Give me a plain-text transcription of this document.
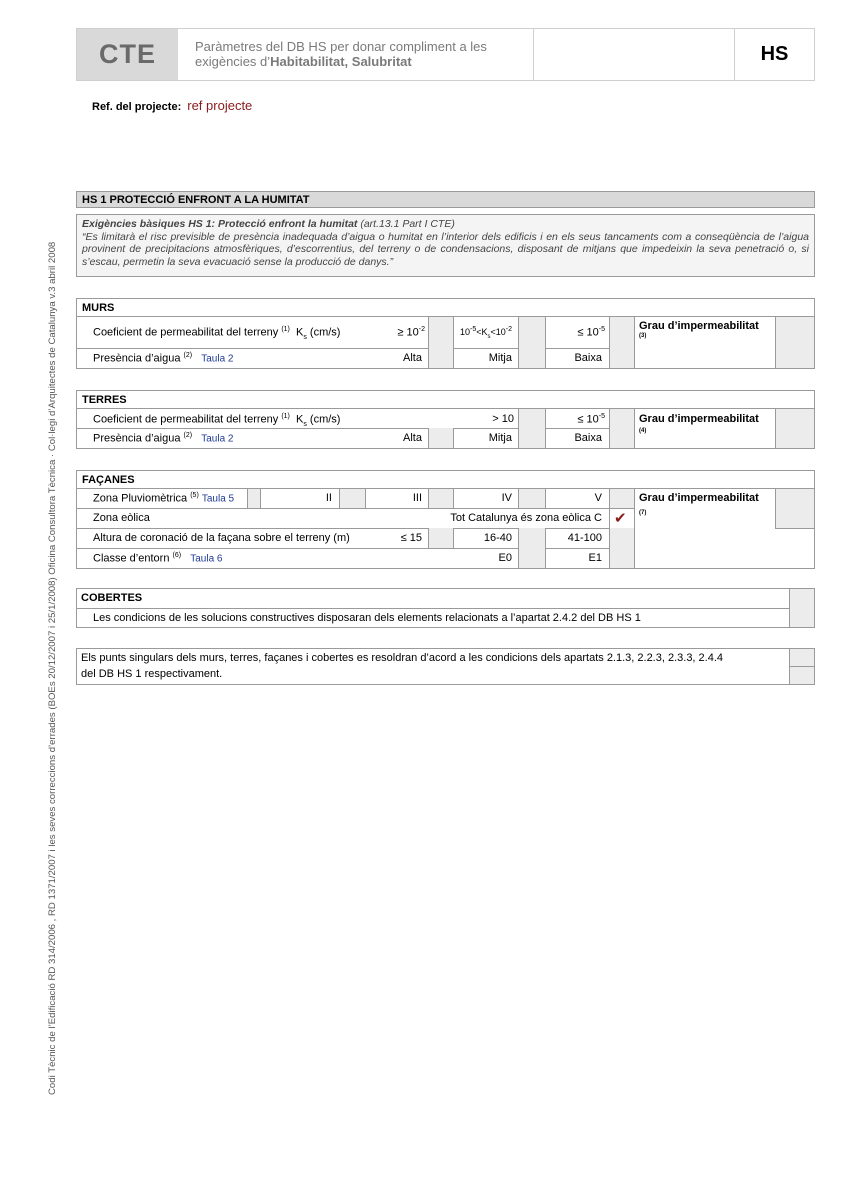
CTE	Paràmetres del DB HS per donar compliment a les
exigències d’Habitabilitat, Salubritat	HS
Ref. del projecte: ref projecte
Codi Tècnic de l’Edificació RD 314/2006 , RD 1371/2007 i les seves correccions d’errades (BOEs 20/12/2007 i 25/1/2008) Oficina Consultora Tècnica · Col·legi d’Arquitectes de Catalunya v.3 abril 2008
HS 1 PROTECCIÓ ENFRONT A LA HUMITAT
Exigències bàsiques HS 1: Protecció enfront la humitat (art.13.1 Part I CTE)
“Es limitarà el risc previsible de presència inadequada d’aigua o humitat en l’interior dels edificis i en els seus tancaments com a conseqüència de l’aigua provinent de precipitacions atmosfèriques, d’escorrentius, del terreny o de condensacions, disposant de mitjans que impedeixin la seva penetració o, si s’escau, permetin la seva evacuació sense la producció de danys.”
MURS
Coeficient de permeabilitat del terreny $^{(1)}$ $K_s$ (cm/s)	≥ $10^{-2}$	$10^{-5}<K_s<10^{-2}$	≤ $10^{-5}$	Grau d’impermeabilitat
(3)
Presència d’aigua $^{(2)}$ Taula 2	Alta	Mitja	Baixa
TERRES
Coeficient de permeabilitat del terreny $^{(1)}$ $K_s$ (cm/s)	> 10	≤ $10^{-5}$	Grau d’impermeabilitat
(4)
Presència d’aigua $^{(2)}$ Taula 2	Alta	Mitja	Baixa
FAÇANES
Zona Pluviomètrica $^{(5)}$ Taula 5	II	III	IV	V	Grau d’impermeabilitat
(7)
Zona eòlica	Tot Catalunya és zona eòlica C ✔
Altura de coronació de la façana sobre el terreny (m)	≤ 15	16-40	41-100
Classe d’entorn $^{(6)}$ Taula 6	E0	E1
COBERTES
Les condicions de les solucions constructives disposaran dels elements relacionats a l’apartat 2.4.2 del DB HS 1
Els punts singulars dels murs, terres, façanes i cobertes es resoldran d’acord a les condicions dels apartats 2.1.3, 2.2.3, 2.3.3, 2.4.4
del DB HS 1 respectivament.
